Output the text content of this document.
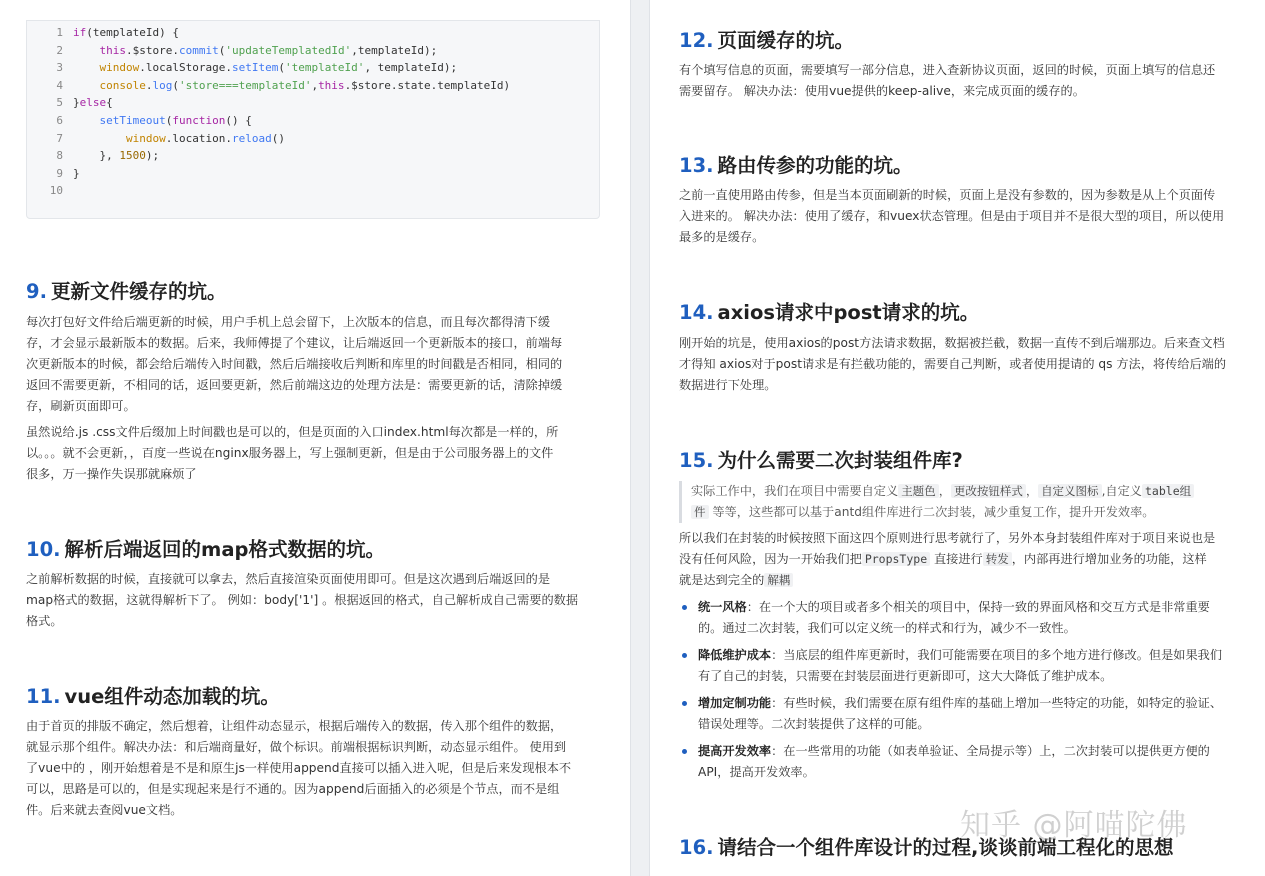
1 if(templateId) {
2	this.$store.commit('updateTemplatedId',templateId);
3	window.localStorage.setItem('templateId', templateId);
4	console.log('store===templateId',this.$store.state.templateId)
5 }else{
6	setTimeout(function() {
7	window.location.reload()
8 }, 1500);
9 }
10
9. 更新文件缓存的坑。
每次打包好文件给后端更新的时候，用户手机上总会留下，上次版本的信息，而且每次都得清下缓
存，才会显示最新版本的数据。后来，我师傅提了个建议，让后端返回一个更新版本的接口，前端每
次更新版本的时候，都会给后端传入时间戳，然后后端接收后判断和库里的时间戳是否相同，相同的
返回不需要更新，不相同的话，返回要更新，然后前端这边的处理方法是：需要更新的话，清除掉缓
存，刷新页面即可。
虽然说给.js .css文件后缀加上时间戳也是可以的，但是页面的入口index.html每次都是一样的，所
以。。。就不会更新，，百度一些说在nginx服务器上，写上强制更新，但是由于公司服务器上的文件
很多，万一操作失误那就麻烦了
10. 解析后端返回的map格式数据的坑。
之前解析数据的时候，直接就可以拿去，然后直接渲染页面使用即可。但是这次遇到后端返回的是
map格式的数据，这就得解析下了。 例如：body['1'] 。根据返回的格式，自己解析成自己需要的数据
格式。
11. vue组件动态加载的坑。
由于首页的排版不确定，然后想着，让组件动态显示，根据后端传入的数据，传入那个组件的数据，
就显示那个组件。解决办法：和后端商量好，做个标识。前端根据标识判断，动态显示组件。 使用到
了vue中的 ，刚开始想着是不是和原生js一样使用append直接可以插入进入呢，但是后来发现根本不
可以，思路是可以的，但是实现起来是行不通的。因为append后面插入的必须是个节点，而不是组
件。后来就去查阅vue文档。
12. 页面缓存的坑。
有个填写信息的页面，需要填写一部分信息，进入查新协议页面，返回的时候，页面上填写的信息还
需要留存。 解决办法：使用vue提供的keep-alive，来完成页面的缓存的。
13. 路由传参的功能的坑。
之前一直使用路由传参，但是当本页面刷新的时候，页面上是没有参数的，因为参数是从上个页面传
入进来的。 解决办法：使用了缓存，和vuex状态管理。但是由于项目并不是很大型的项目，所以使用
最多的是缓存。
14. axios请求中post请求的坑。
刚开始的坑是，使用axios的post方法请求数据，数据被拦截，数据一直传不到后端那边。后来查文档
才得知 axios对于post请求是有拦截功能的，需要自己判断，或者使用提请的 qs 方法，将传给后端的
数据进行下处理。
15. 为什么需要二次封装组件库?
实际工作中，我们在项目中需要自定义 主题色 ， 更改按钮样式 ， 自定义图标 ,自定义 table组
件 等等，这些都可以基于antd组件库进行二次封装，减少重复工作，提升开发效率。
所以我们在封装的时候按照下面这四个原则进行思考就行了，另外本身封装组件库对于项目来说也是
没有任何风险，因为一开始我们把 PropsType 直接进行 转发 ，内部再进行增加业务的功能，这样
就是达到完全的 解耦
统一风格：在一个大的项目或者多个相关的项目中，保持一致的界面风格和交互方式是非常重要
的。通过二次封装，我们可以定义统一的样式和行为，减少不一致性。
降低维护成本：当底层的组件库更新时，我们可能需要在项目的多个地方进行修改。但是如果我们
有了自己的封装，只需要在封装层面进行更新即可，这大大降低了维护成本。
增加定制功能：有些时候，我们需要在原有组件库的基础上增加一些特定的功能，如特定的验证、
错误处理等。二次封装提供了这样的可能。
提高开发效率：在一些常用的功能（如表单验证、全局提示等）上，二次封装可以提供更方便的
API，提高开发效率。
16. 请结合一个组件库设计的过程,谈谈前端工程化的思想
知乎 @阿喵陀佛
